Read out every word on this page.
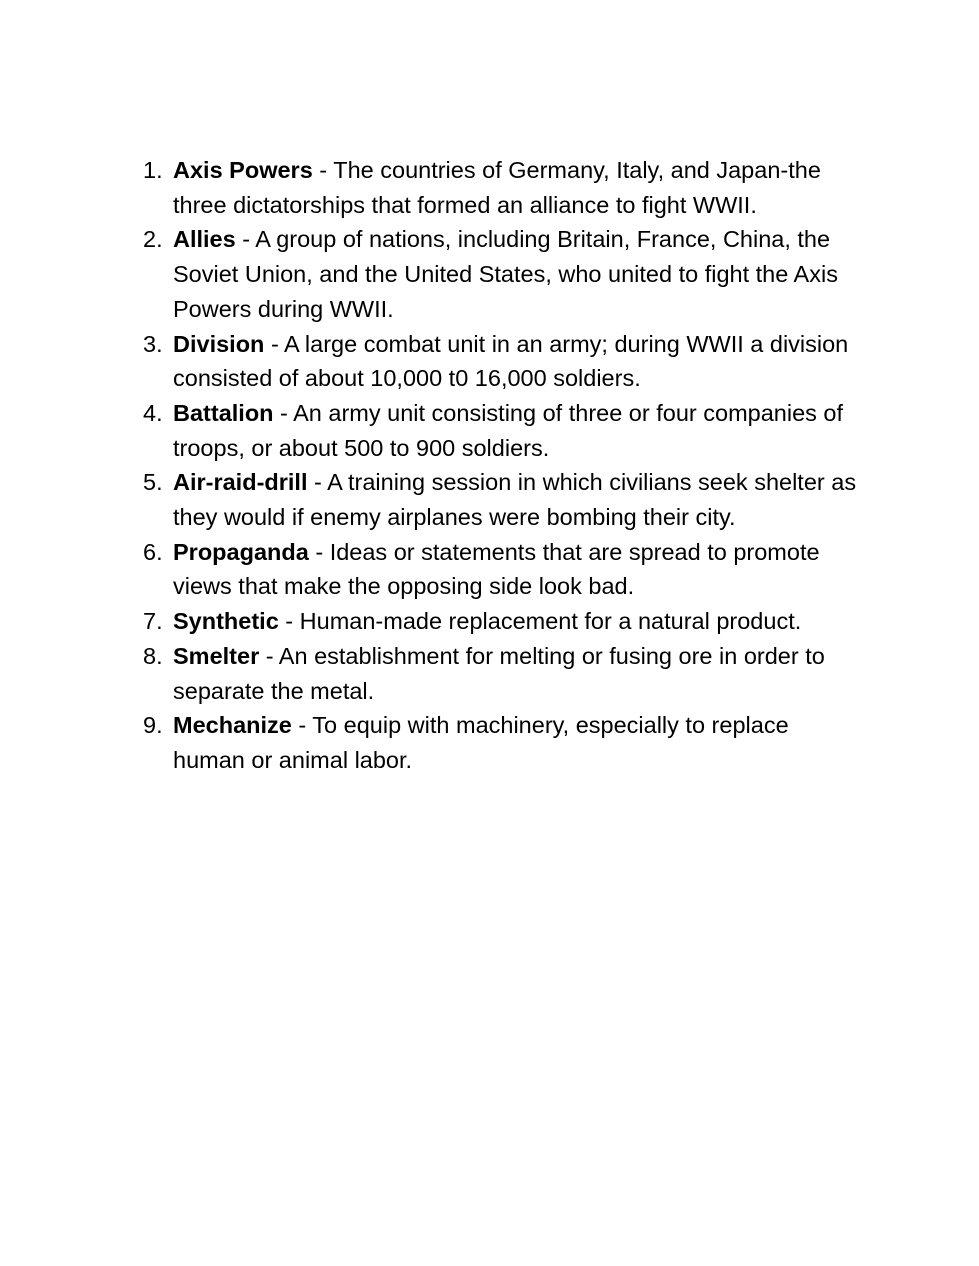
1. Axis Powers - The countries of Germany, Italy, and Japan-the three dictatorships that formed an alliance to fight WWII.
2. Allies - A group of nations, including Britain, France, China, the Soviet Union, and the United States, who united to fight the Axis Powers during WWII.
3. Division - A large combat unit in an army; during WWII a division consisted of about 10,000 t0 16,000 soldiers.
4. Battalion - An army unit consisting of three or four companies of troops, or about 500 to 900 soldiers.
5. Air-raid-drill - A training session in which civilians seek shelter as they would if enemy airplanes were bombing their city.
6. Propaganda - Ideas or statements that are spread to promote views that make the opposing side look bad.
7. Synthetic - Human-made replacement for a natural product.
8. Smelter - An establishment for melting or fusing ore in order to separate the metal.
9. Mechanize - To equip with machinery, especially to replace human or animal labor.
